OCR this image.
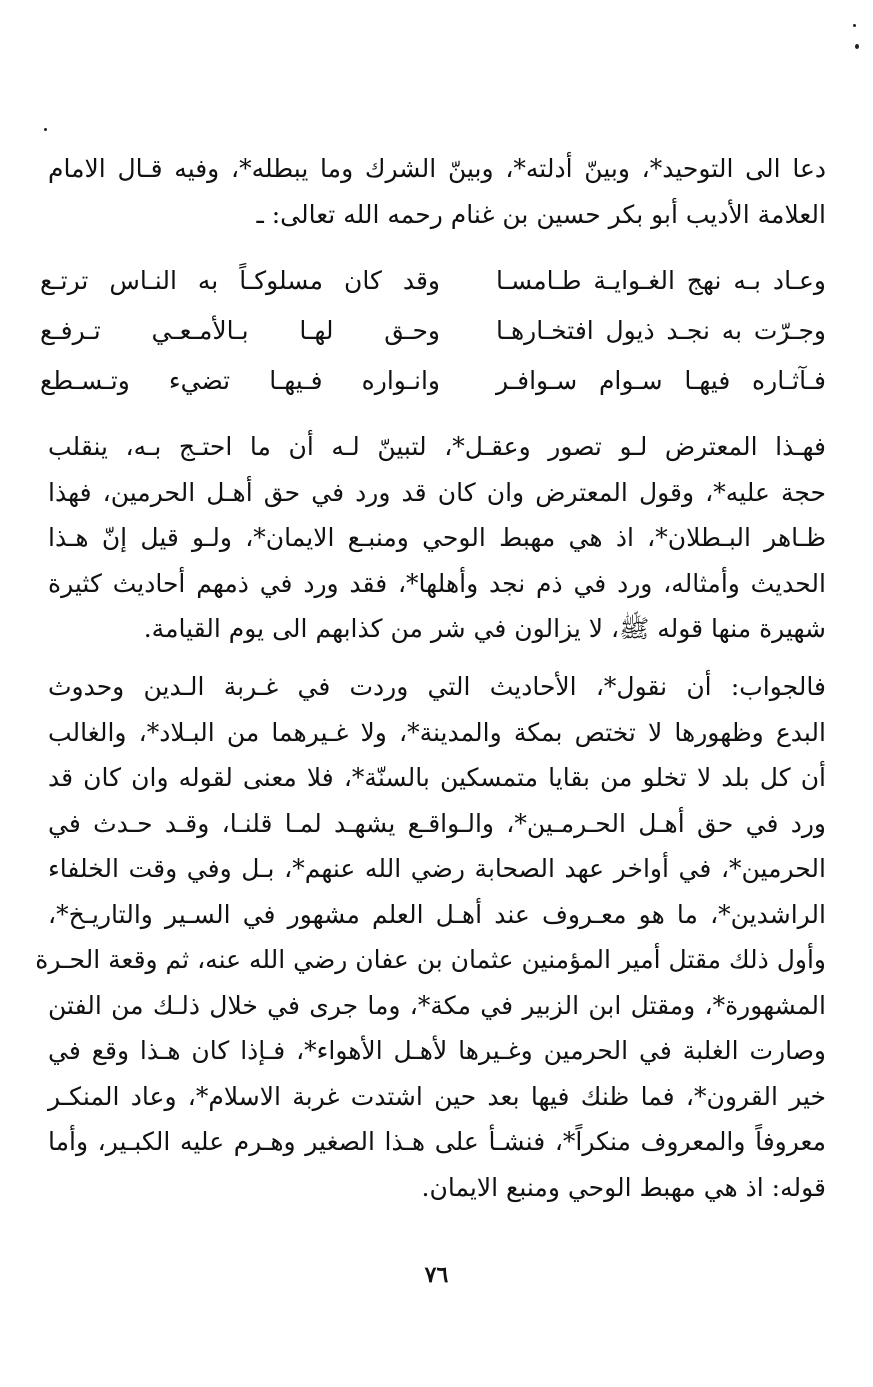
دعا الى التوحيد*، وبينّ أدلته*، وبينّ الشرك وما يبطله*، وفيه قـال الامام
العلامة الأديب أبو بكر حسين بن غنام رحمه الله تعالى: ـ
وعـاد بـه نهج الغـوايـة طـامسـا
وقد كان مسلوكـاً به النـاس ترتـع
وجـرّت به نجـد ذيول افتخـارهـا
وحـق لهـا بـالأمـعـي تـرفـع
فـآثـاره فيهـا سـوام سـوافـر
وانـواره فـيهـا تضيء وتـسـطع
فهـذا المعترض لـو تصور وعقـل*، لتبينّ لـه أن ما احتـج بـه، ينقلب
حجة عليه*، وقول المعترض وان كان قد ورد في حق أهـل الحرمين، فهذا
ظـاهر البـطلان*، اذ هي مهبط الوحي ومنبـع الايمان*، ولـو قيل إنّ هـذا
الحديث وأمثاله، ورد في ذم نجد وأهلها*، فقد ورد في ذمهم أحاديث كثيرة
شهيرة منها قوله ﷺ، لا يزالون في شر من كذابهم الى يوم القيامة.
فالجواب: أن نقول*، الأحاديث التي وردت في غـربة الـدين وحدوث
البدع وظهورها لا تختص بمكة والمدينة*، ولا غـيرهما من البـلاد*، والغالب
أن كل بلد لا تخلو من بقايا متمسكين بالسنّة*، فلا معنى لقوله وان كان قد
ورد في حق أهـل الحـرمـين*، والـواقـع يشهـد لمـا قلنـا، وقـد حـدث في
الحرمين*، في أواخر عهد الصحابة رضي الله عنهم*، بـل وفي وقت الخلفاء
الراشدين*، ما هو معـروف عند أهـل العلم مشهور في السـير والتاريـخ*،
وأول ذلك مقتل أمير المؤمنين عثمان بن عفان رضي الله عنه، ثم وقعة الحـرة
المشهورة*، ومقتل ابن الزبير في مكة*، وما جرى في خلال ذلـك من الفتن
وصارت الغلبة في الحرمين وغـيرها لأهـل الأهواء*، فـإذا كان هـذا وقع في
خير القرون*، فما ظنك فيها بعد حين اشتدت غربة الاسلام*، وعاد المنكـر
معروفاً والمعروف منكراً*، فنشـأ على هـذا الصغير وهـرم عليه الكبـير، وأما
قوله: اذ هي مهبط الوحي ومنبع الايمان.
٧٦
